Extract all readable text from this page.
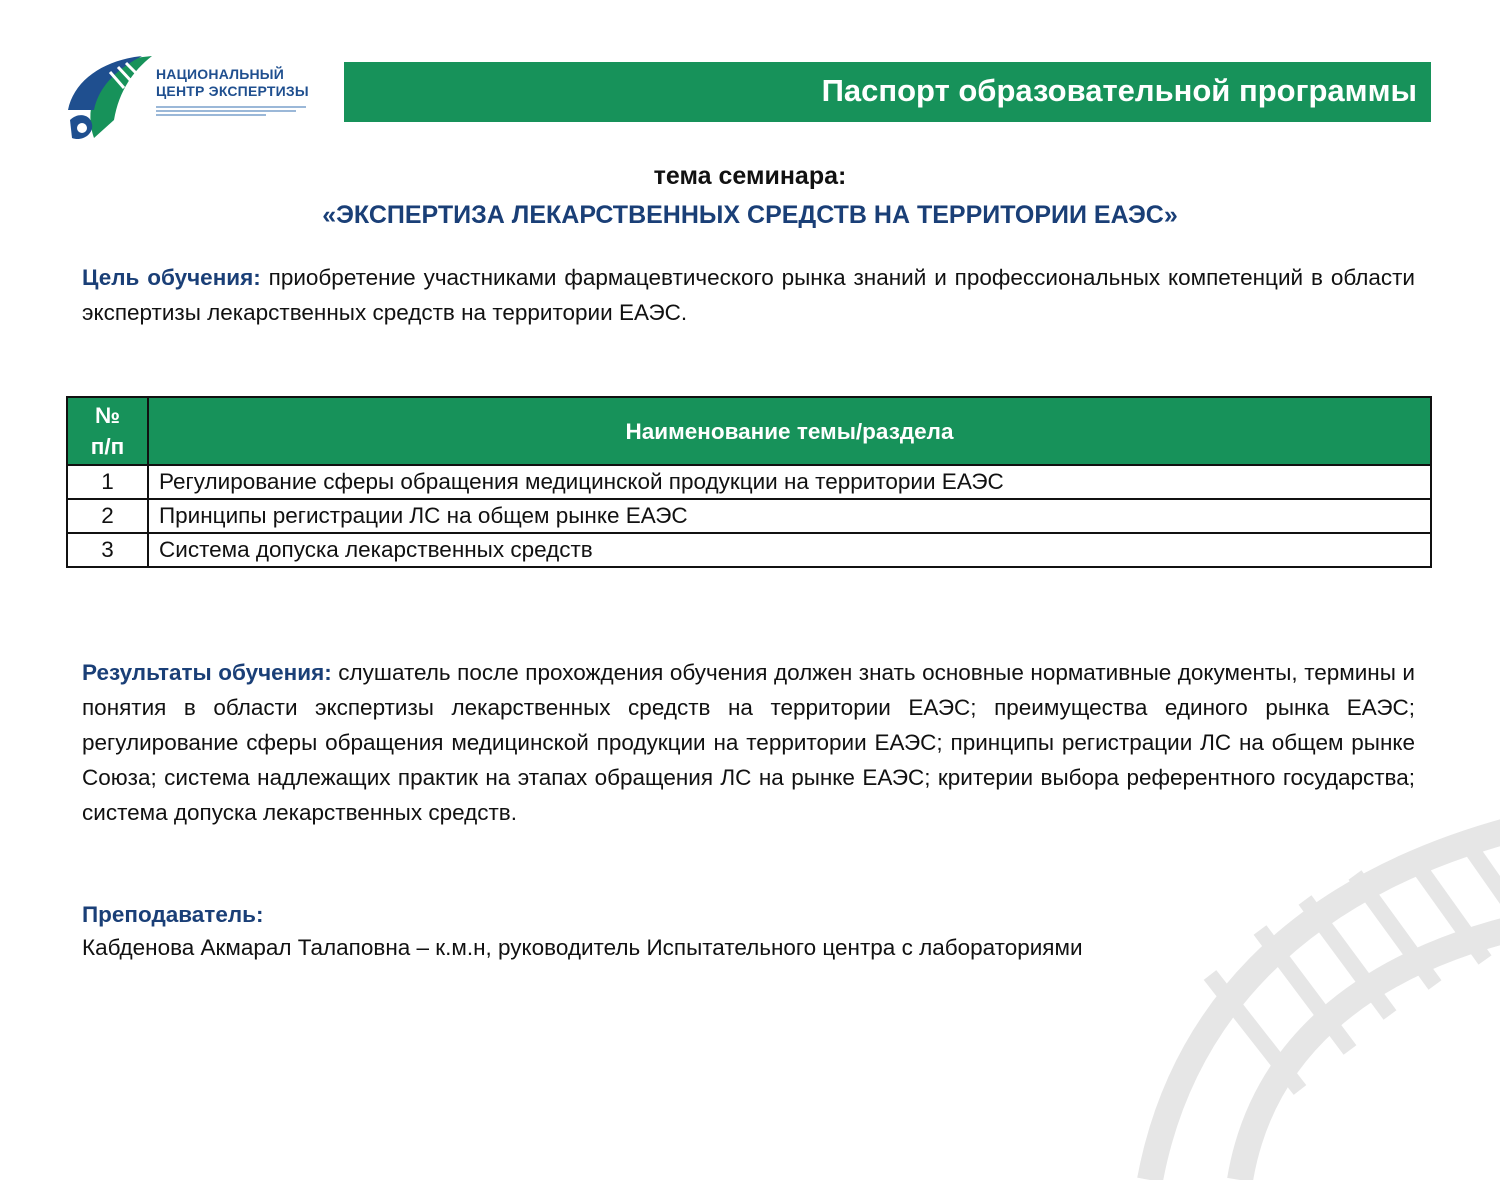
НАЦИОНАЛЬНЫЙ
ЦЕНТР ЭКСПЕРТИЗЫ	Паспорт образовательной программы
тема семинара:
«ЭКСПЕРТИЗА ЛЕКАРСТВЕННЫХ СРЕДСТВ НА ТЕРРИТОРИИ ЕАЭС»
Цель обучения: приобретение участниками фармацевтического рынка знаний и профессиональных компетенций в области экспертизы лекарственных средств на территории ЕАЭС.
№ п/п	Наименование темы/раздела
1	Регулирование сферы обращения медицинской продукции на территории ЕАЭС
2	Принципы регистрации ЛС на общем рынке ЕАЭС
3	Система допуска лекарственных средств
Результаты обучения: слушатель после прохождения обучения должен знать основные нормативные документы, термины и понятия в области экспертизы лекарственных средств на территории ЕАЭС; преимущества единого рынка ЕАЭС; регулирование сферы обращения медицинской продукции на территории ЕАЭС; принципы регистрации ЛС на общем рынке Союза; система надлежащих практик на этапах обращения ЛС на рынке ЕАЭС; критерии выбора референтного государства; система допуска лекарственных средств.
Преподаватель:
Кабденова Акмарал Талаповна – к.м.н, руководитель Испытательного центра с лабораториями
